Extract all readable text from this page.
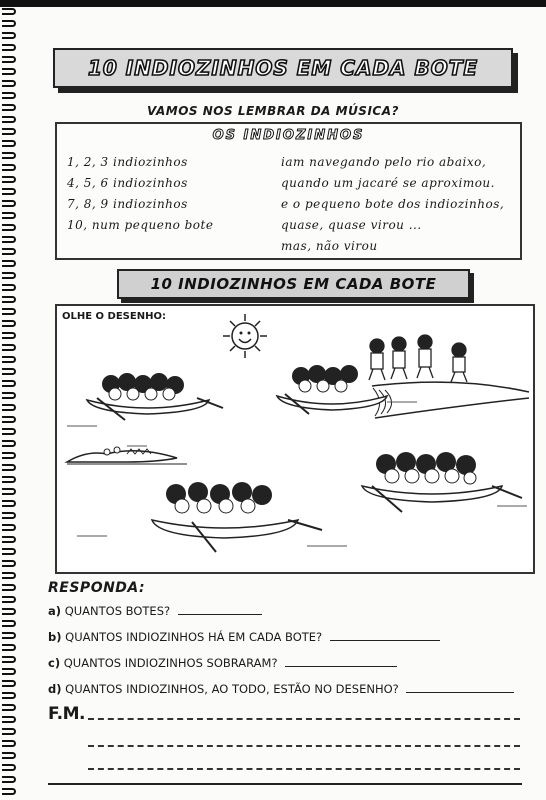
10 INDIOZINHOS EM CADA BOTE
VAMOS NOS LEMBRAR DA MÚSICA?
OS INDIOZINHOS
1, 2, 3 indiozinhos
4, 5, 6 indiozinhos
7, 8, 9 indiozinhos
10, num pequeno bote
iam navegando pelo rio abaixo,
quando um jacaré se aproximou.
e o pequeno bote dos indiozinhos,
quase, quase virou ...
mas, não virou
10 INDIOZINHOS EM CADA BOTE
OLHE O DESENHO:
RESPONDA:
a) QUANTOS BOTES?
b) QUANTOS INDIOZINHOS HÁ EM CADA BOTE?
c) QUANTOS INDIOZINHOS SOBRARAM?
d) QUANTOS INDIOZINHOS, AO TODO, ESTÃO NO DESENHO?
F.M.
